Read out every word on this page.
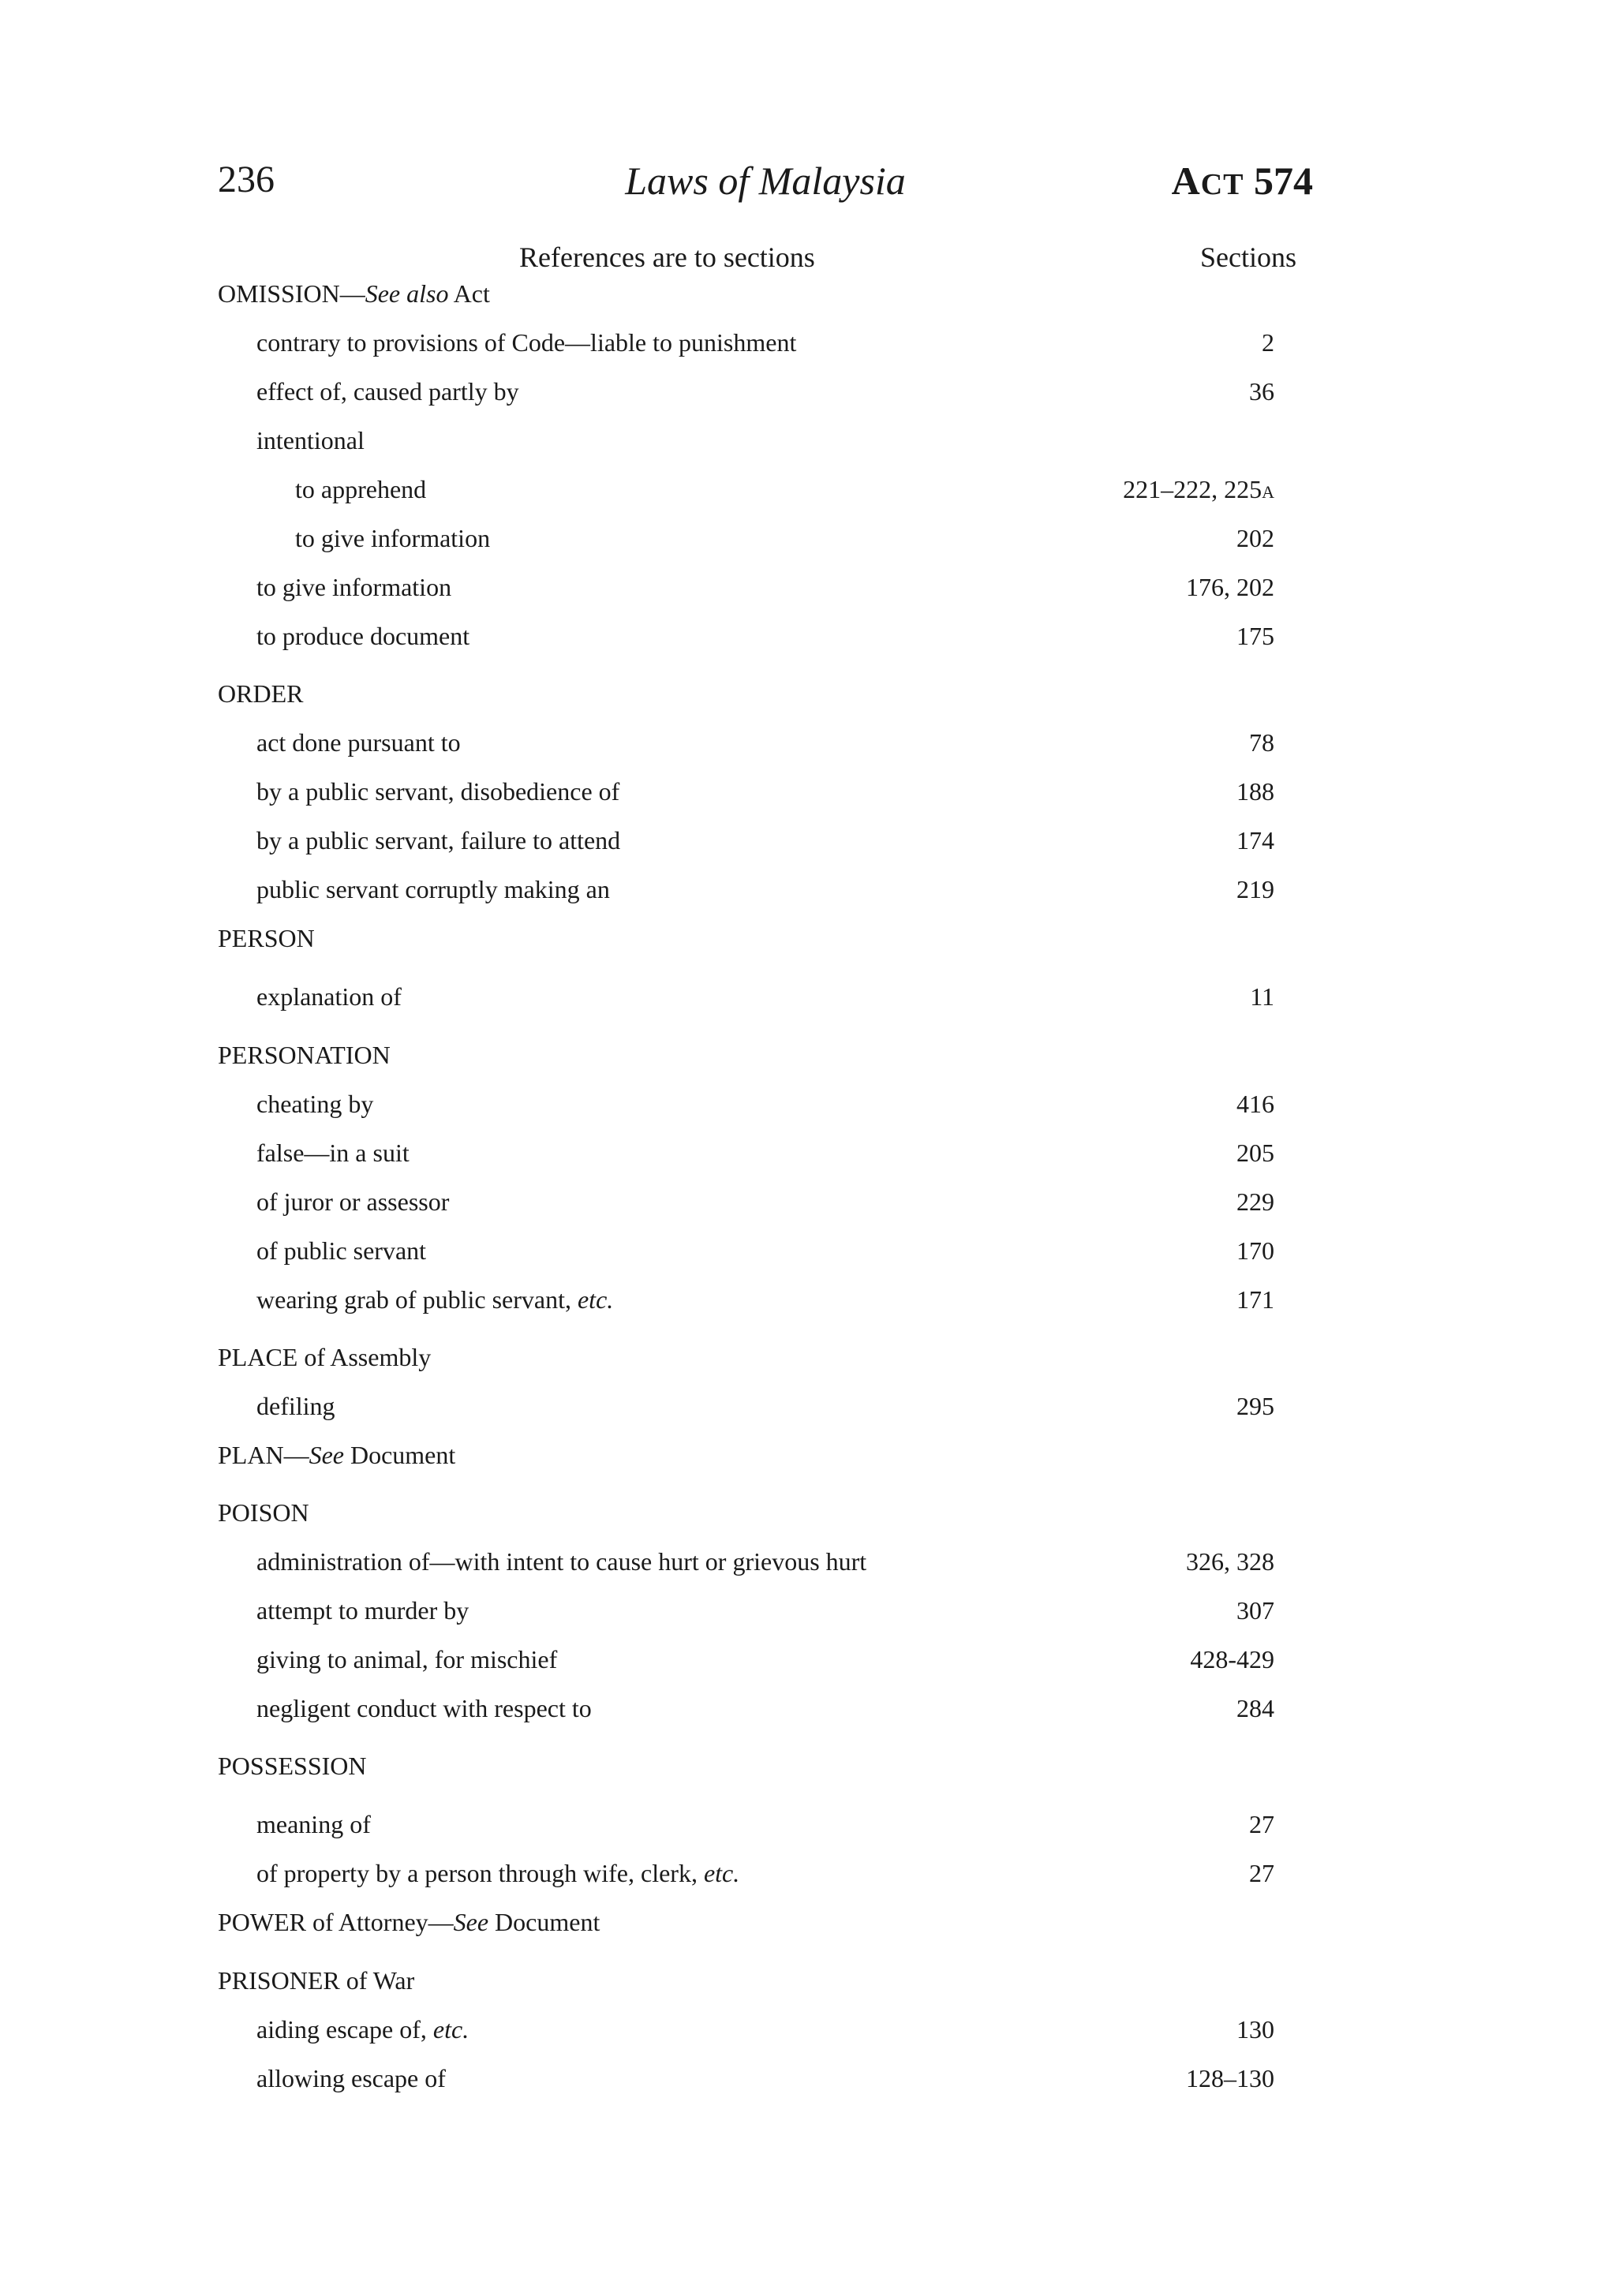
236	Laws of Malaysia	ACT 574
References are to sections	Sections
OMISSION—See also Act
contrary to provisions of Code—liable to punishment	2
effect of, caused partly by	36
intentional
to apprehend	221–222, 225A
to give information	202
to give information	176, 202
to produce document	175
ORDER
act done pursuant to	78
by a public servant, disobedience of	188
by a public servant, failure to attend	174
public servant corruptly making an	219
PERSON
explanation of	11
PERSONATION
cheating by	416
false—in a suit	205
of juror or assessor	229
of public servant	170
wearing grab of public servant, etc.	171
PLACE of Assembly
defiling	295
PLAN—See Document
POISON
administration of—with intent to cause hurt or grievous hurt	326, 328
attempt to murder by	307
giving to animal, for mischief	428-429
negligent conduct with respect to	284
POSSESSION
meaning of	27
of property by a person through wife, clerk, etc.	27
POWER of Attorney—See Document
PRISONER of War
aiding escape of, etc.	130
allowing escape of	128–130
